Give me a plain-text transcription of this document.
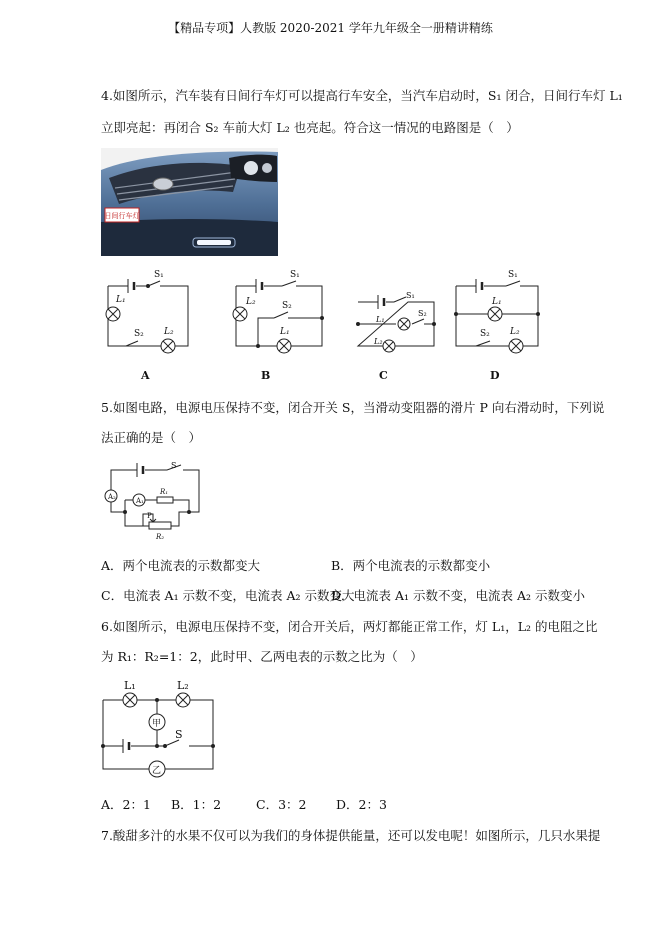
【精品专项】人教版 2020-2021 学年九年级全一册精讲精练
4.如图所示，汽车装有日间行车灯可以提高行车安全，当汽车启动时，S₁ 闭合，日间行车灯 L₁
立即亮起：再闭合 S₂ 车前大灯 L₂ 也亮起。符合这一情况的电路图是（　）
日间行车灯
S₁
L₁
S₂ L₂
S₁
L₂	S₂
L₁
S₁
L₁
S₂
L₂
S₁
L₁
S₂ L₂
A	B	C	D
5.如图电路，电源电压保持不变，闭合开关 S，当滑动变阻器的滑片 P 向右滑动时，下列说
法正确的是（　）
A₂	A₁
S
R₁
P
R₂
A．两个电流表的示数都变大	B．两个电流表的示数都变小
C．电流表 A₁ 示数不变，电流表 A₂ 示数变大
D．电流表 A₁ 示数不变，电流表 A₂ 示数变小
6.如图所示，电源电压保持不变，闭合开关后，两灯都能正常工作，灯 L₁，L₂ 的电阻之比
为 R₁：R₂=1：2，此时甲、乙两电表的示数之比为（　）
L₁	L₂
甲
乙
S
A．2：1 B．1：2	C．3：2 D．2：3
7.酸甜多汁的水果不仅可以为我们的身体提供能量，还可以发电呢！如图所示，几只水果提
